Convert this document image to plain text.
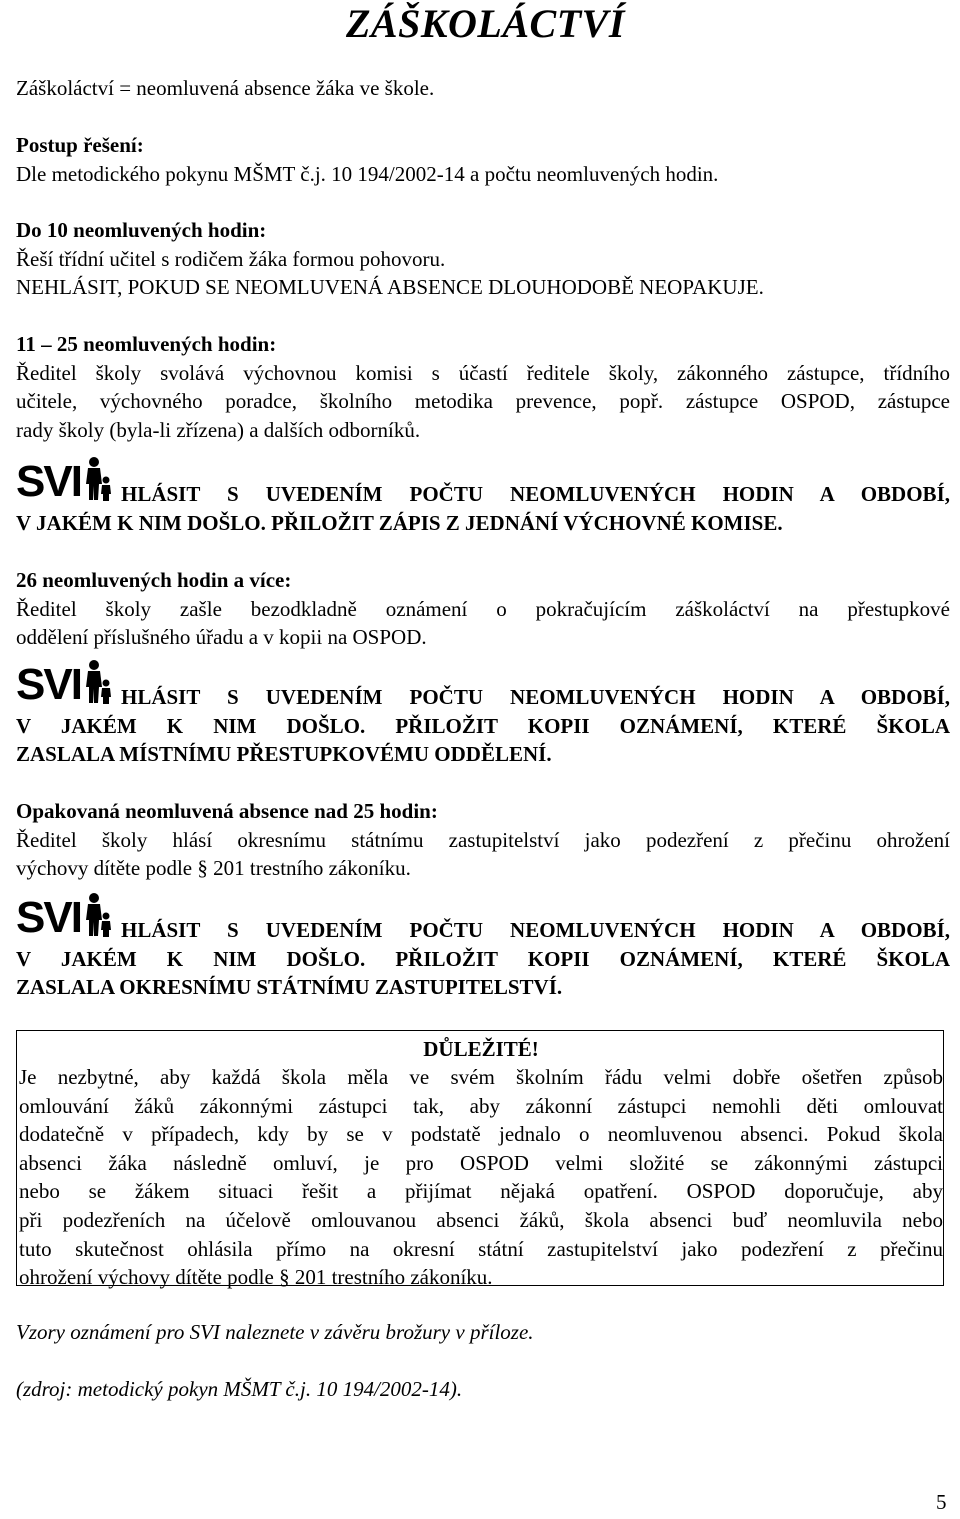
ZÁŠKOLÁCTVÍ

Záškoláctví = neomluvená absence žáka ve škole.

Postup řešení:
Dle metodického pokynu MŠMT č.j. 10 194/2002-14 a počtu neomluvených hodin.
Do 10 neomluvených hodin:
Řeší třídní učitel s rodičem žáka formou pohovoru.
NEHLÁSIT, POKUD SE NEOMLUVENÁ ABSENCE DLOUHODOBĚ NEOPAKUJE.
11 – 25 neomluvených hodin:
Ředitel školy svolává výchovnou komisi s účastí ředitele školy, zákonného zástupce, třídního
učitele, výchovného poradce, školního metodika prevence, popř. zástupce OSPOD, zástupce
rady školy (byla-li zřízena) a dalších odborníků.
SVI	HLÁSIT S UVEDENÍM POČTU NEOMLUVENÝCH HODIN A OBDOBÍ,
V JAKÉM K NIM DOŠLO. PŘILOŽIT ZÁPIS Z JEDNÁNÍ VÝCHOVNÉ KOMISE.
26 neomluvených hodin a více:
Ředitel školy zašle bezodkladně oznámení o pokračujícím záškoláctví na přestupkové
oddělení příslušného úřadu a v kopii na OSPOD.
SVI	HLÁSIT S UVEDENÍM POČTU NEOMLUVENÝCH HODIN A OBDOBÍ,
V JAKÉM K NIM DOŠLO. PŘILOŽIT KOPII OZNÁMENÍ, KTERÉ ŠKOLA
ZASLALA MÍSTNÍMU PŘESTUPKOVÉMU ODDĚLENÍ.
Opakovaná neomluvená absence nad 25 hodin:
Ředitel školy hlásí okresnímu státnímu zastupitelství jako podezření z přečinu ohrožení
výchovy dítěte podle § 201 trestního zákoníku.
SVI	HLÁSIT S UVEDENÍM POČTU NEOMLUVENÝCH HODIN A OBDOBÍ,
V JAKÉM K NIM DOŠLO. PŘILOŽIT KOPII OZNÁMENÍ, KTERÉ ŠKOLA
ZASLALA OKRESNÍMU STÁTNÍMU ZASTUPITELSTVÍ.
DŮLEŽITÉ!
Je nezbytné, aby každá škola měla ve svém školním řádu velmi dobře ošetřen způsob
omlouvání žáků zákonnými zástupci tak, aby zákonní zástupci nemohli děti omlouvat
dodatečně v případech, kdy by se v podstatě jednalo o neomluvenou absenci. Pokud škola
absenci žáka následně omluví, je pro OSPOD velmi složité se zákonnými zástupci
nebo se žákem situaci řešit a přijímat nějaká opatření. OSPOD doporučuje, aby
při podezřeních na účelově omlouvanou absenci žáků, škola absenci buď neomluvila nebo
tuto skutečnost ohlásila přímo na okresní státní zastupitelství jako podezření z přečinu
ohrožení výchovy dítěte podle § 201 trestního zákoníku.

Vzory oznámení pro SVI naleznete v závěru brožury v příloze.

(zdroj: metodický pokyn MŠMT č.j. 10 194/2002-14).

5
